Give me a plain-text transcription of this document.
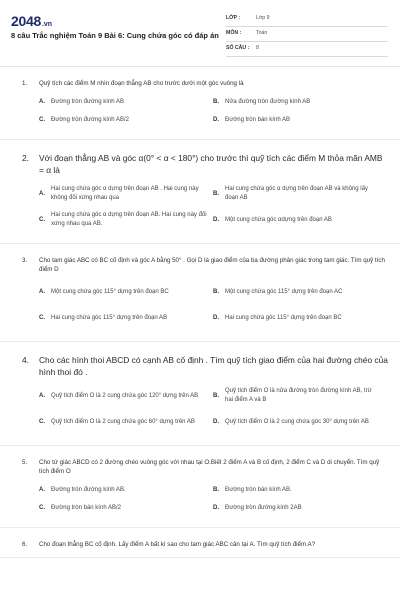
2048.vn
8 câu Trắc nghiệm Toán 9 Bài 6: Cung chứa góc có đáp án
LỚP :	Lớp 9
MÔN :	Toán
SỐ CÂU : 8
1. Quỹ tích các điểm M nhìn đoạn thẳng AB cho trước dưới một góc vuông là
A.	Đường tròn đường kính AB	B.	Nửa đường tròn đường kính AB
C.	Đường tròn đường kính AB/2	D.	Đường tròn bán kính AB
2. Với đoạn thẳng AB và góc α(0° < α < 180°) cho trước thì quỹ tích các điểm M thỏa mãn AMB = α là
A.
Hai cung chứa góc α dựng trên đoạn AB . Hai cung này không đối xứng nhau qua
B.
Hai cung chứa góc α dựng trên đoạn AB và không lấy đoạn AB
C.
Hai cung chứa góc α dựng trên đoạn AB. Hai cung này đối xứng nhau qua AB.
D.	Một cung chứa góc αdựng trên đoạn AB
3. Cho tam giác ABC có BC cố định và góc A bằng 50° . Gọi D là giao điểm của ba đường phân giác trong tam giác. Tìm quỹ tích điểm D
A.	Một cung chứa góc 115° dựng trên đoạn BC	B.	Một cung chứa góc 115° dựng trên đoạn AC
C.	Hai cung chứa góc 115° dựng trên đoạn AB	D.	Hai cung chứa góc 115° dựng trên đoạn BC
4. Cho các hình thoi ABCD có cạnh AB cố định . Tìm quỹ tích giao điểm của hai đường chéo của hình thoi đó .
A.	Quỹ tích điểm O là 2 cung chứa góc 120° dựng trên AB	B.
Quỹ tích điểm O là nửa đường tròn đường kính AB, trừ hai điểm A và B
C.	Quỹ tích điểm O là 2 cung chứa góc 60° dựng trên AB	D.	Quỹ tích điểm O là 2 cung chứa góc 30° dựng trên AB
5. Cho tứ giác ABCD có 2 đường chéo vuông góc với nhau tại O.Biết 2 điểm A và B cố định, 2 điểm C và D di chuyển. Tìm quỹ tích điểm O
A.	Đường tròn đường kính AB.	B.	Đường tròn bán kính AB.
C.	Đường tròn bán kính AB/2	D.	Đường tròn đường kính 2AB
6. Cho đoạn thẳng BC cố định. Lấy điểm A bất kì sao cho tam giác ABC cân tại A. Tìm quỹ tích điểm A?
